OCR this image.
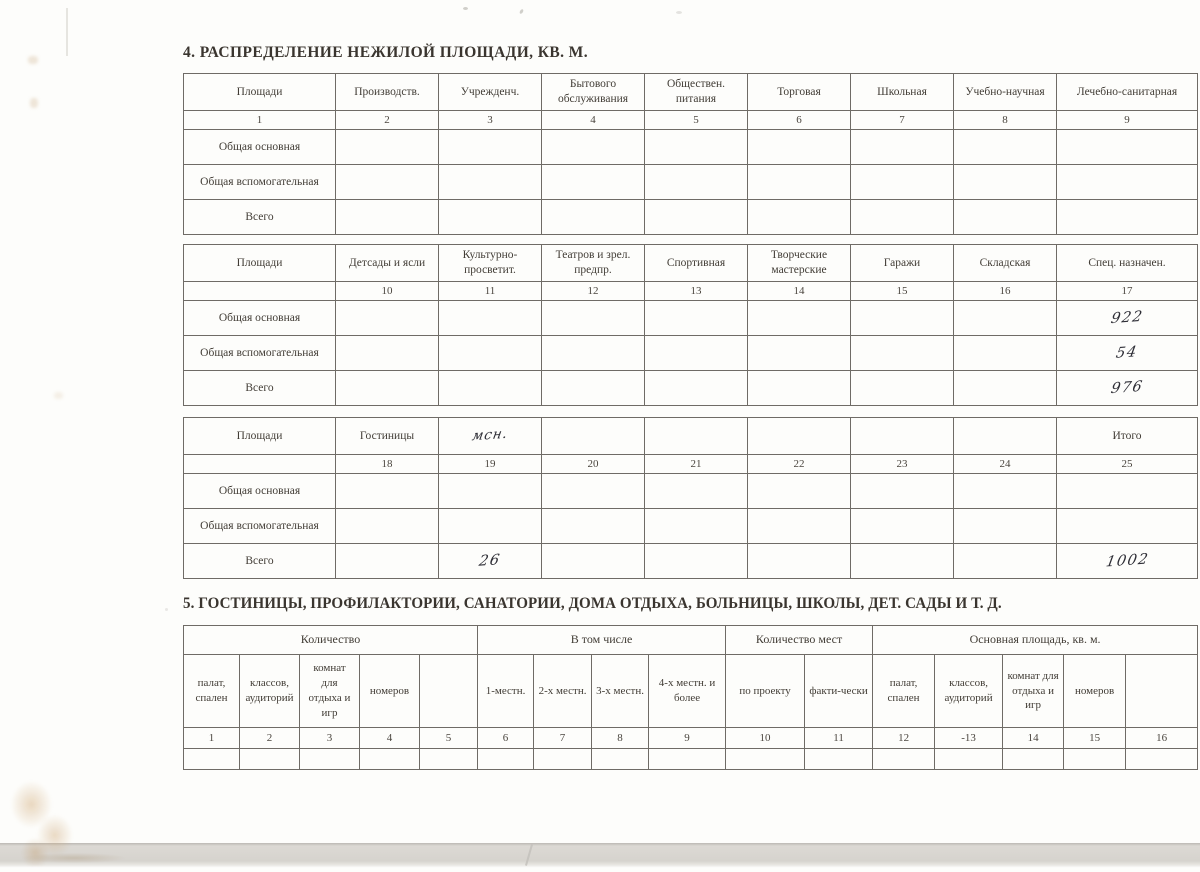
4. РАСПРЕДЕЛЕНИЕ НЕЖИЛОЙ ПЛОЩАДИ, КВ. М.
Площади	Производств.	Учрежденч.	Бытового обслуживания	Обществен. питания	Торговая	Школьная	Учебно-научная	Лечебно-санитарная
1	2	3	4	5	6	7	8	9
Общая основная								
Общая вспомогательная								
Всего								
Площади	Детсады и ясли	Культурно-просветит.	Театров и зрел. предпр.	Спортивная	Творческие мастерские	Гаражи	Складская	Спец. назначен.
	10	11	12	13	14	15	16	17
Общая основная								922
Общая вспомогательная								54
Всего								976
Площади	Гостиницы	мсн.						Итого
	18	19	20	21	22	23	24	25
Общая основная								
Общая вспомогательная								
Всего		26						1002
5. ГОСТИНИЦЫ, ПРОФИЛАКТОРИИ, САНАТОРИИ, ДОМА ОТДЫХА, БОЛЬНИЦЫ, ШКОЛЫ, ДЕТ. САДЫ И Т. Д.
Количество					В том числе				Количество мест		Основная площадь, кв. м.				
палат, спален	классов, аудиторий	комнат для отдыха и игр	номеров		1-местн.	2-х местн.	3-х местн.	4-х местн. и более	по проекту	факти-чески	палат, спален	классов, аудиторий	комнат для отдыха и игр	номеров	
1	2	3	4	5	6	7	8	9	10	11	12	-13	14	15	16
